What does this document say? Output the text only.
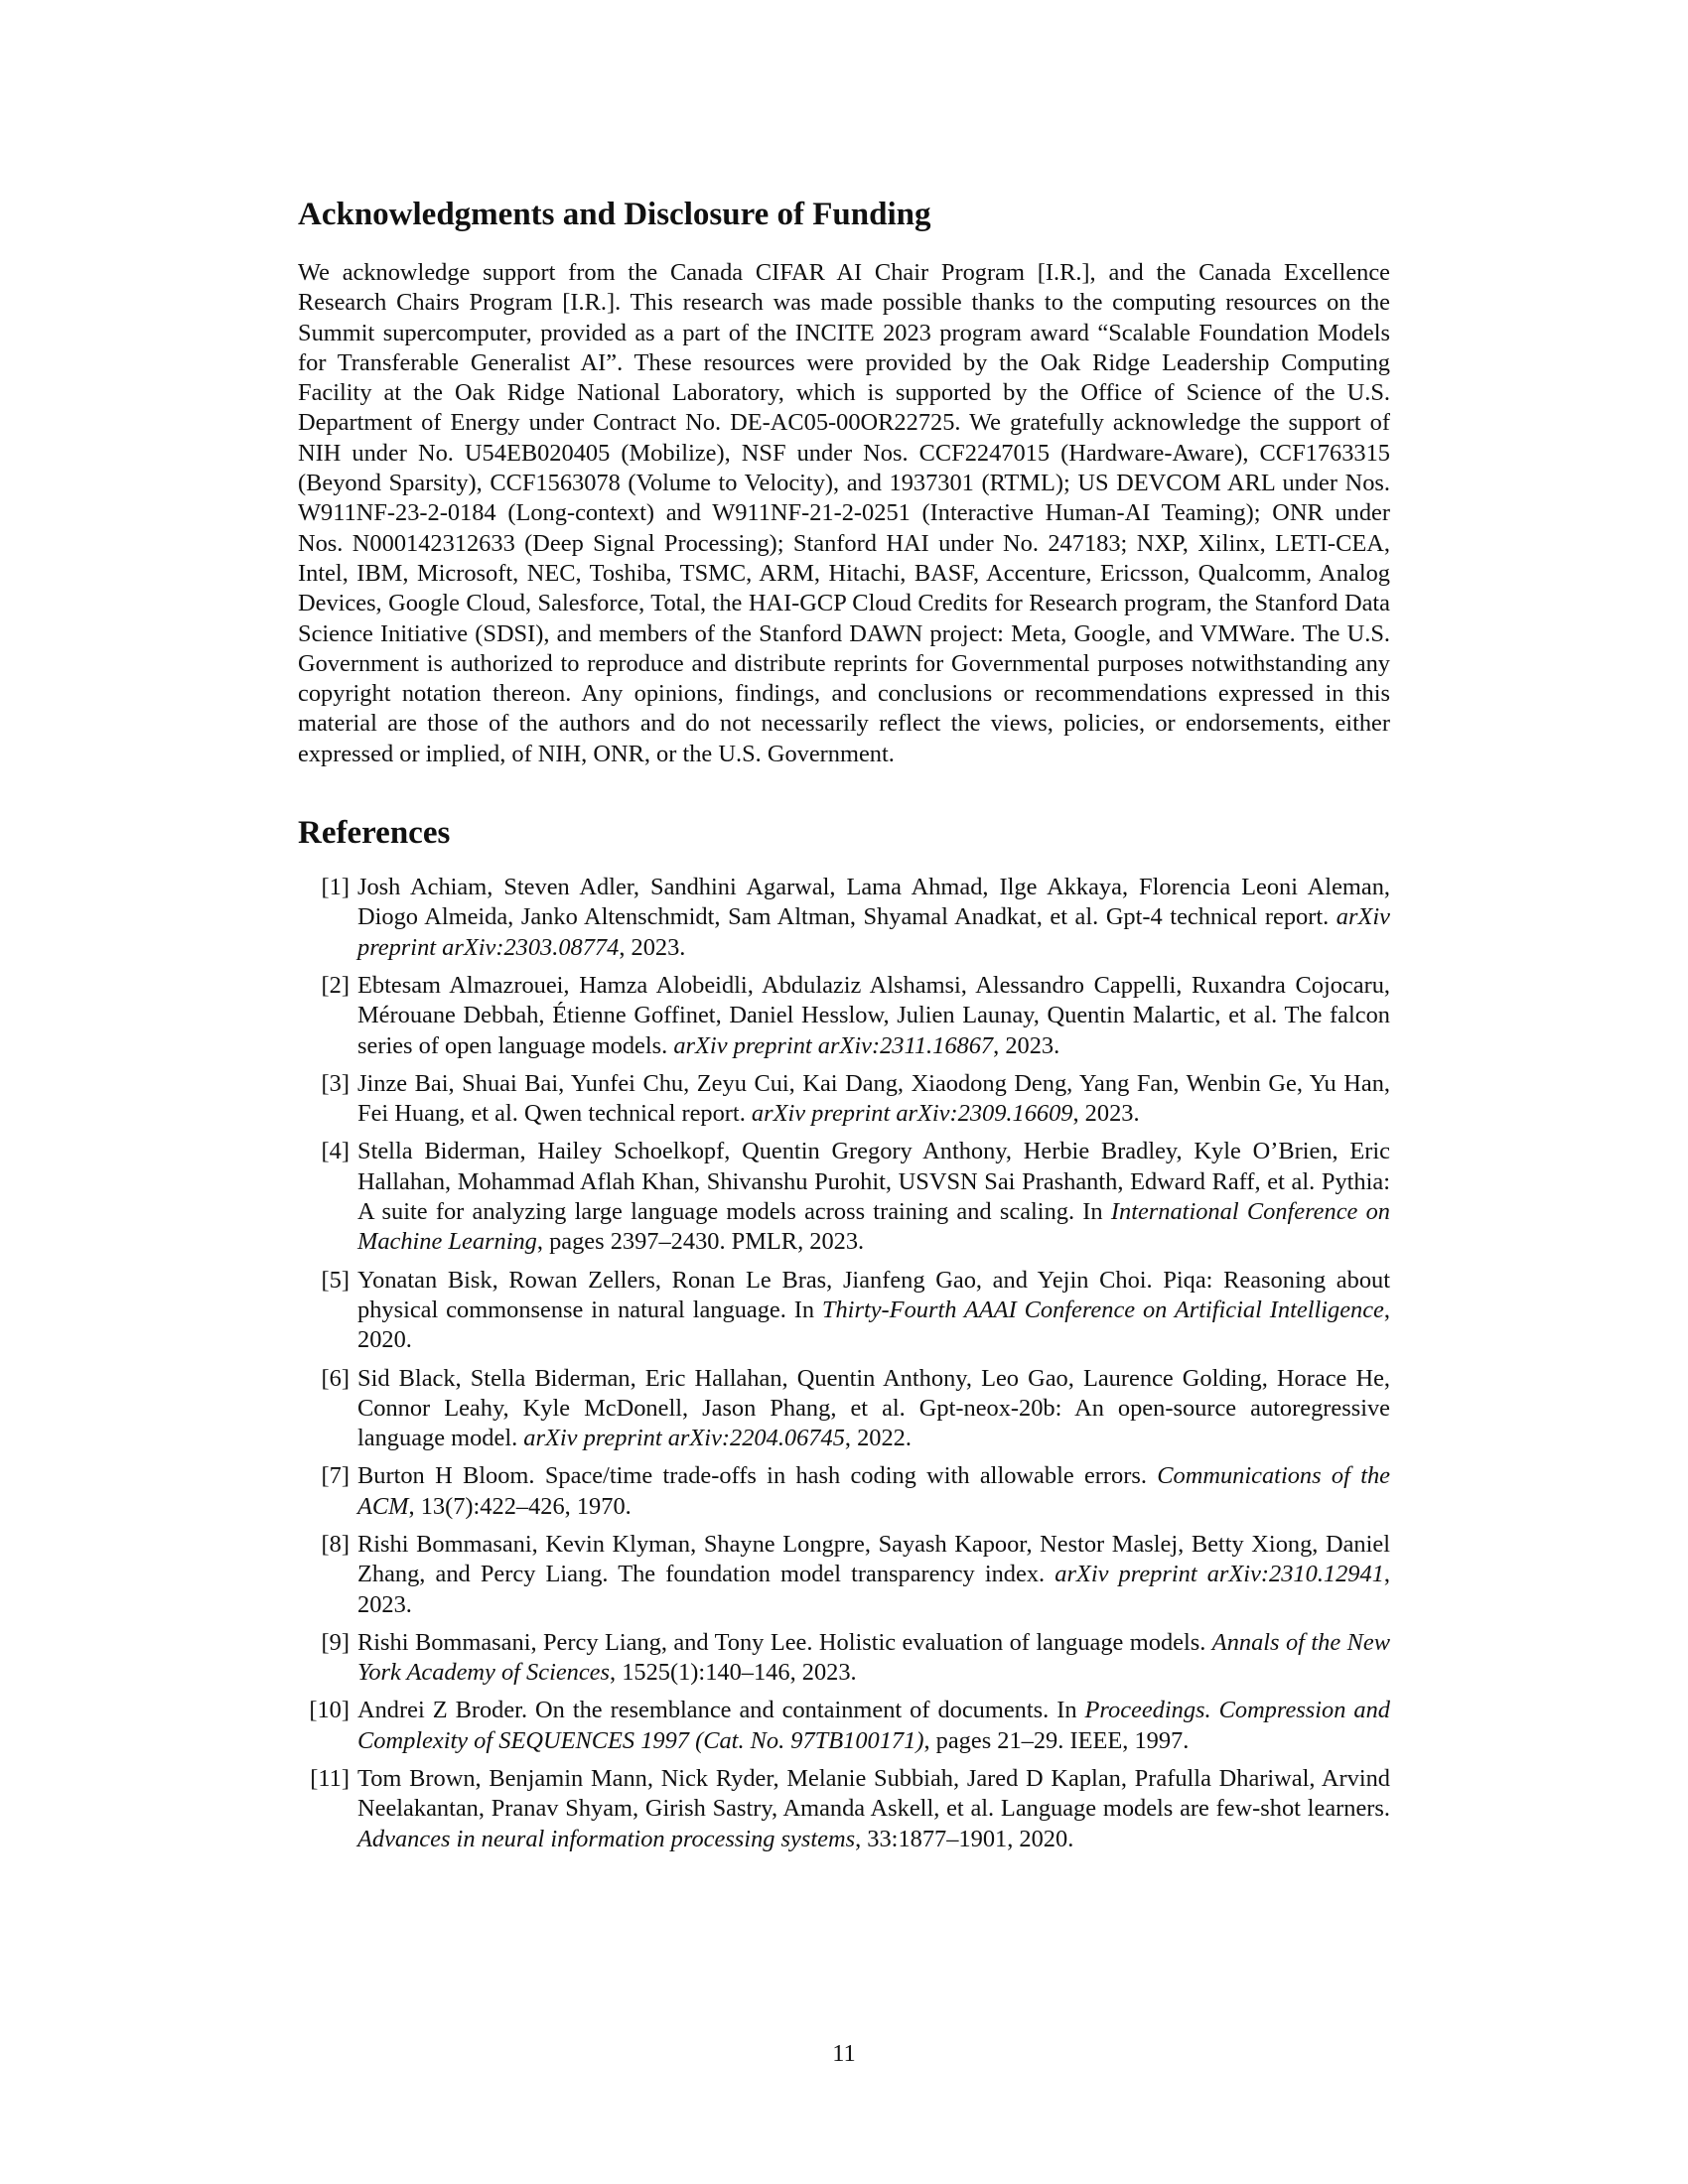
Acknowledgments and Disclosure of Funding

We acknowledge support from the Canada CIFAR AI Chair Program [I.R.], and the Canada Excellence Research Chairs Program [I.R.]. This research was made possible thanks to the computing resources on the Summit supercomputer, provided as a part of the INCITE 2023 program award “Scalable Foundation Models for Transferable Generalist AI”. These resources were provided by the Oak Ridge Leadership Computing Facility at the Oak Ridge National Laboratory, which is supported by the Office of Science of the U.S. Department of Energy under Contract No. DE-AC05-00OR22725. We gratefully acknowledge the support of NIH under No. U54EB020405 (Mobilize), NSF under Nos. CCF2247015 (Hardware-Aware), CCF1763315 (Beyond Sparsity), CCF1563078 (Volume to Velocity), and 1937301 (RTML); US DEVCOM ARL under Nos. W911NF-23-2-0184 (Long-context) and W911NF-21-2-0251 (Interactive Human-AI Teaming); ONR under Nos. N000142312633 (Deep Signal Processing); Stanford HAI under No. 247183; NXP, Xilinx, LETI-CEA, Intel, IBM, Microsoft, NEC, Toshiba, TSMC, ARM, Hitachi, BASF, Accenture, Ericsson, Qualcomm, Analog Devices, Google Cloud, Salesforce, Total, the HAI-GCP Cloud Credits for Research program, the Stanford Data Science Initiative (SDSI), and members of the Stanford DAWN project: Meta, Google, and VMWare. The U.S. Government is authorized to reproduce and distribute reprints for Governmental purposes notwithstanding any copyright notation thereon. Any opinions, findings, and conclusions or recommendations expressed in this material are those of the authors and do not necessarily reflect the views, policies, or endorsements, either expressed or implied, of NIH, ONR, or the U.S. Government.

References
[1] Josh Achiam, Steven Adler, Sandhini Agarwal, Lama Ahmad, Ilge Akkaya, Florencia Leoni Aleman, Diogo Almeida, Janko Altenschmidt, Sam Altman, Shyamal Anadkat, et al. Gpt-4 technical report. arXiv preprint arXiv:2303.08774, 2023.
[2] Ebtesam Almazrouei, Hamza Alobeidli, Abdulaziz Alshamsi, Alessandro Cappelli, Ruxandra Cojocaru, Mérouane Debbah, Étienne Goffinet, Daniel Hesslow, Julien Launay, Quentin Malartic, et al. The falcon series of open language models. arXiv preprint arXiv:2311.16867, 2023.
[3] Jinze Bai, Shuai Bai, Yunfei Chu, Zeyu Cui, Kai Dang, Xiaodong Deng, Yang Fan, Wenbin Ge, Yu Han, Fei Huang, et al. Qwen technical report. arXiv preprint arXiv:2309.16609, 2023.
[4] Stella Biderman, Hailey Schoelkopf, Quentin Gregory Anthony, Herbie Bradley, Kyle O’Brien, Eric Hallahan, Mohammad Aflah Khan, Shivanshu Purohit, USVSN Sai Prashanth, Edward Raff, et al. Pythia: A suite for analyzing large language models across training and scaling. In International Conference on Machine Learning, pages 2397–2430. PMLR, 2023.
[5] Yonatan Bisk, Rowan Zellers, Ronan Le Bras, Jianfeng Gao, and Yejin Choi. Piqa: Reasoning about physical commonsense in natural language. In Thirty-Fourth AAAI Conference on Artificial Intelligence, 2020.
[6] Sid Black, Stella Biderman, Eric Hallahan, Quentin Anthony, Leo Gao, Laurence Golding, Horace He, Connor Leahy, Kyle McDonell, Jason Phang, et al. Gpt-neox-20b: An open-source autoregressive language model. arXiv preprint arXiv:2204.06745, 2022.
[7] Burton H Bloom. Space/time trade-offs in hash coding with allowable errors. Communications of the ACM, 13(7):422–426, 1970.
[8] Rishi Bommasani, Kevin Klyman, Shayne Longpre, Sayash Kapoor, Nestor Maslej, Betty Xiong, Daniel Zhang, and Percy Liang. The foundation model transparency index. arXiv preprint arXiv:2310.12941, 2023.
[9] Rishi Bommasani, Percy Liang, and Tony Lee. Holistic evaluation of language models. Annals of the New York Academy of Sciences, 1525(1):140–146, 2023.
[10] Andrei Z Broder. On the resemblance and containment of documents. In Proceedings. Compression and Complexity of SEQUENCES 1997 (Cat. No. 97TB100171), pages 21–29. IEEE, 1997.
[11] Tom Brown, Benjamin Mann, Nick Ryder, Melanie Subbiah, Jared D Kaplan, Prafulla Dhariwal, Arvind Neelakantan, Pranav Shyam, Girish Sastry, Amanda Askell, et al. Language models are few-shot learners. Advances in neural information processing systems, 33:1877–1901, 2020.
11
